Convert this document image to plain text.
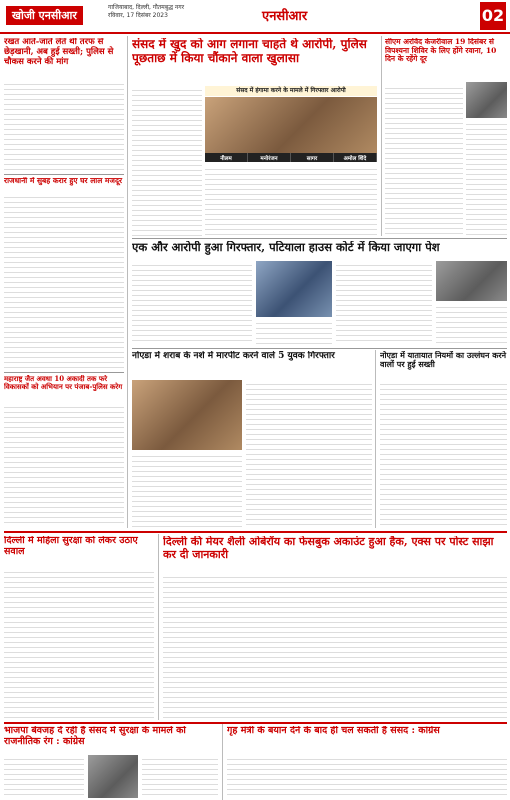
खोजी एनसीआर
गाजियाबाद, दिल्ली, गौतमबुद्ध नगर
रविवार, 17 दिसंबर 2023	एनसीआर	02
रखत आते-जाते लेते थी तरफ से छेड़खानी, अब हुई सख्ती; पुलिस से चौकस करने की मांग
राजधानी में सुबह करार हुए घर लाल मजदूर
महाराष्ट्र जैत अवधा 10 अकादी तक फरे विकासकों को अभियान पर पंजाब-पुलिस करेग
संसद में खुद को आग लगाना चाहते थे आरोपी, पुलिस पूछताछ में किया चौंकाने वाला खुलासा
संसद में हंगामा करने के मामले में गिरफ्तार आरोपी
नीलम	मनोरंजन	सागर	अमोल शिंदे
सीएम अरविंद केजरीवाल 19 दिसंबर से विपश्यना शिविर के लिए होंगे रवाना, 10 दिन के रहेंगे दूर
एक और आरोपी हुआ गिरफ्तार, पटियाला हाउस कोर्ट में किया जाएगा पेश
नोएडा में शराब के नशे में मारपीट करने वाले 5 युवक गिरफ्तार	नोएडा में यातायात नियमों का उल्लंघन करने वालों पर हुई सख्ती
दिल्ली में महिला सुरक्षा को लेकर उठाए सवाल
दिल्ली की मेयर शैली ओबेरॉय का फेसबुक अकाउंट हुआ हैक, एक्स पर पोस्ट साझा कर दी जानकारी
भाजपा बेवजह दे रही है संसद में सुरक्षा के मामले को राजनीतिक रंग : कांग्रेस
गृह मंत्री के बयान देने के बाद ही चल सकती है संसद : कांग्रेस
